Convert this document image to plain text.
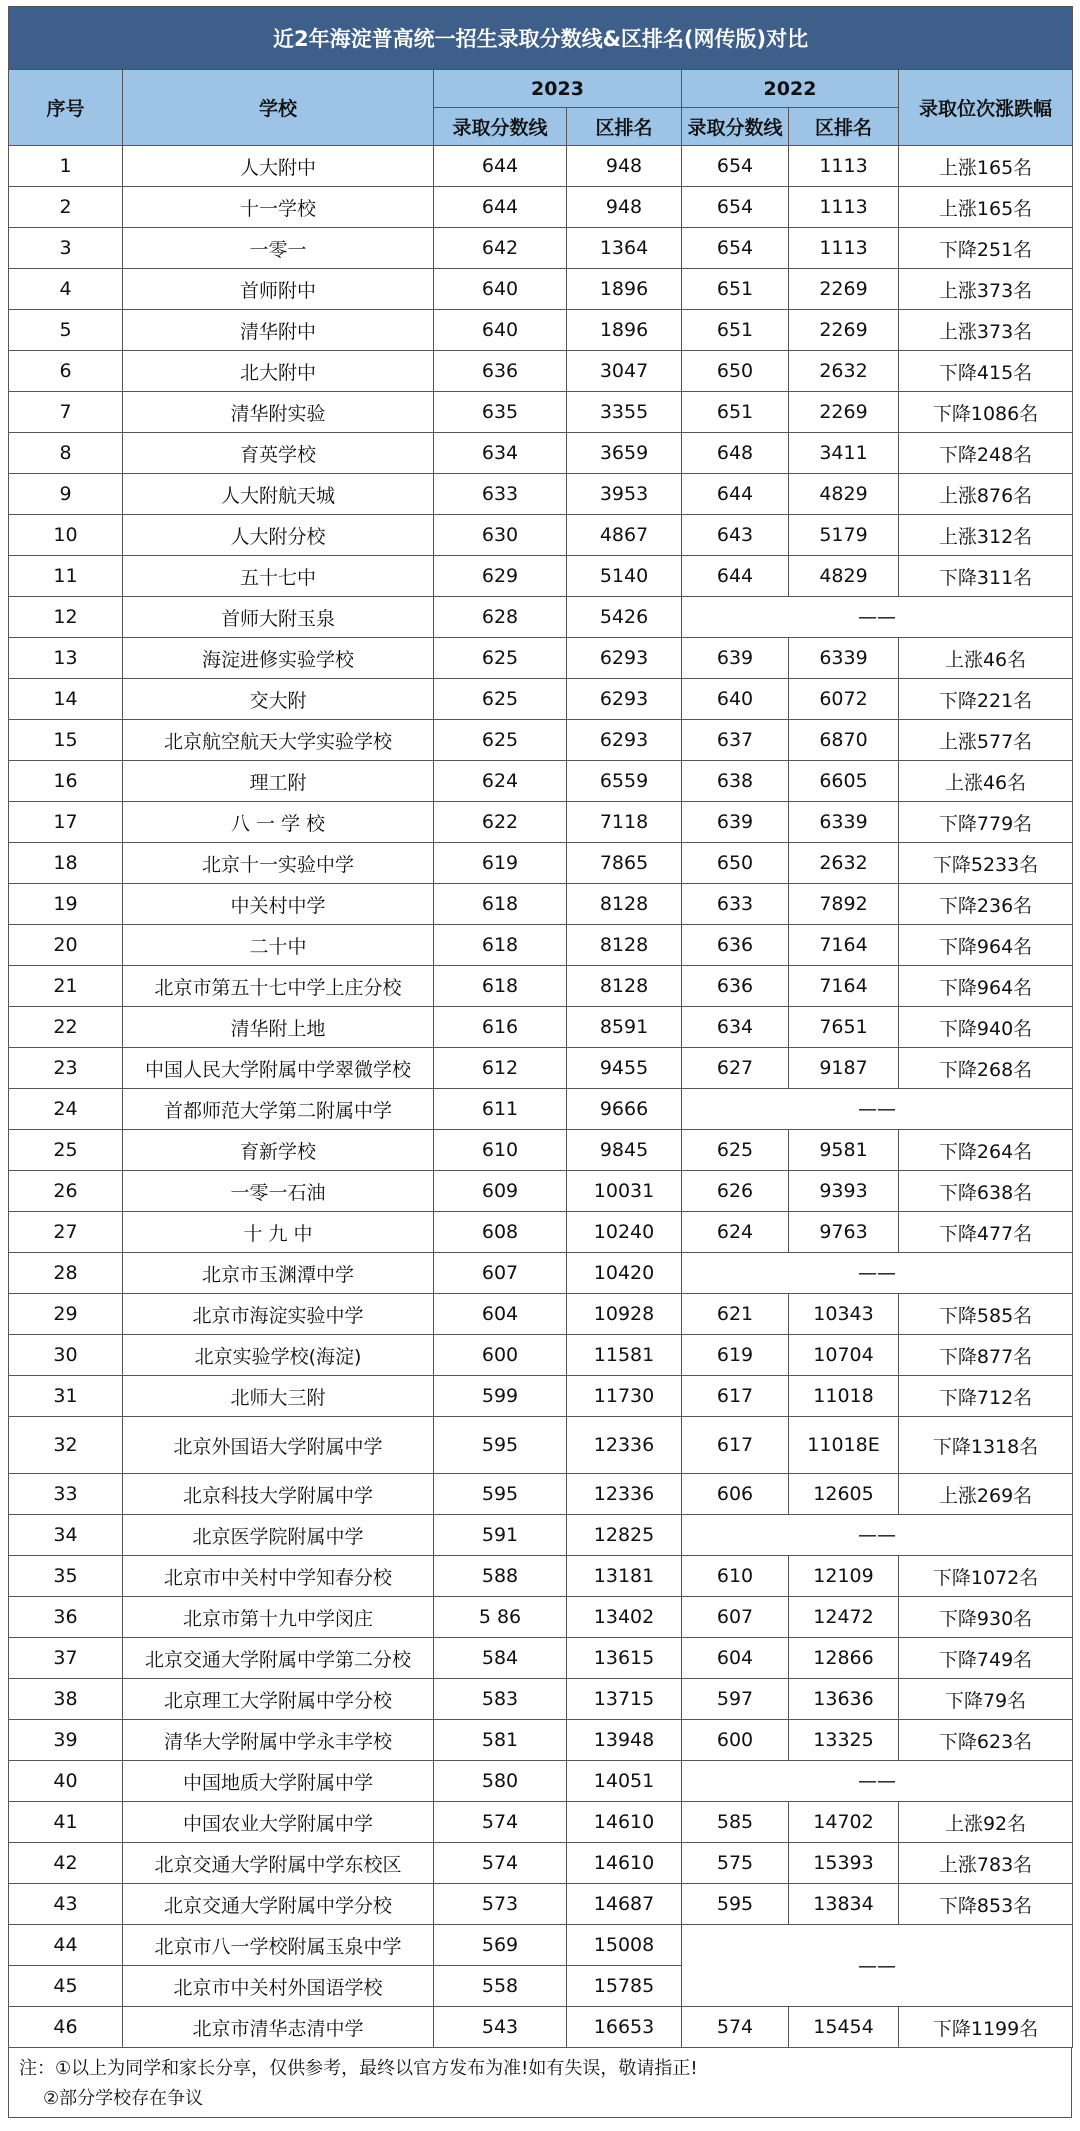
近2年海淀普高统一招生录取分数线&区排名(网传版)对比						
序号	学校	2023		2022		录取位次涨跌幅
		录取分数线	区排名	录取分数线	区排名	
1	人大附中	644	948	654	1113	上涨165名
2	十一学校	644	948	654	1113	上涨165名
3	一零一	642	1364	654	1113	下降251名
4	首师附中	640	1896	651	2269	上涨373名
5	清华附中	640	1896	651	2269	上涨373名
6	北大附中	636	3047	650	2632	下降415名
7	清华附实验	635	3355	651	2269	下降1086名
8	育英学校	634	3659	648	3411	下降248名
9	人大附航天城	633	3953	644	4829	上涨876名
10	人大附分校	630	4867	643	5179	上涨312名
11	五十七中	629	5140	644	4829	下降311名
12	首师大附玉泉	628	5426	——		
13	海淀进修实验学校	625	6293	639	6339	上涨46名
14	交大附	625	6293	640	6072	下降221名
15	北京航空航天大学实验学校	625	6293	637	6870	上涨577名
16	理工附	624	6559	638	6605	上涨46名
17	八 一 学 校	622	7118	639	6339	下降779名
18	北京十一实验中学	619	7865	650	2632	下降5233名
19	中关村中学	618	8128	633	7892	下降236名
20	二十中	618	8128	636	7164	下降964名
21	北京市第五十七中学上庄分校	618	8128	636	7164	下降964名
22	清华附上地	616	8591	634	7651	下降940名
23	中国人民大学附属中学翠微学校	612	9455	627	9187	下降268名
24	首都师范大学第二附属中学	611	9666	——		
25	育新学校	610	9845	625	9581	下降264名
26	一零一石油	609	10031	626	9393	下降638名
27	十 九 中	608	10240	624	9763	下降477名
28	北京市玉渊潭中学	607	10420	——		
29	北京市海淀实验中学	604	10928	621	10343	下降585名
30	北京实验学校(海淀)	600	11581	619	10704	下降877名
31	北师大三附	599	11730	617	11018	下降712名
32	北京外国语大学附属中学	595	12336	617	11018E	下降1318名
33	北京科技大学附属中学	595	12336	606	12605	上涨269名
34	北京医学院附属中学	591	12825	——		
35	北京市中关村中学知春分校	588	13181	610	12109	下降1072名
36	北京市第十九中学闵庄	5 86	13402	607	12472	下降930名
37	北京交通大学附属中学第二分校	584	13615	604	12866	下降749名
38	北京理工大学附属中学分校	583	13715	597	13636	下降79名
39	清华大学附属中学永丰学校	581	13948	600	13325	下降623名
40	中国地质大学附属中学	580	14051	——		
41	中国农业大学附属中学	574	14610	585	14702	上涨92名
42	北京交通大学附属中学东校区	574	14610	575	15393	上涨783名
43	北京交通大学附属中学分校	573	14687	595	13834	下降853名
44	北京市八一学校附属玉泉中学	569	15008	——		
45	北京市中关村外国语学校	558	15785			
46	北京市清华志清中学	543	16653	574	15454	下降1199名
注：①以上为同学和家长分享，仅供参考，最终以官方发布为准!如有失误，敬请指正!
②部分学校存在争议
